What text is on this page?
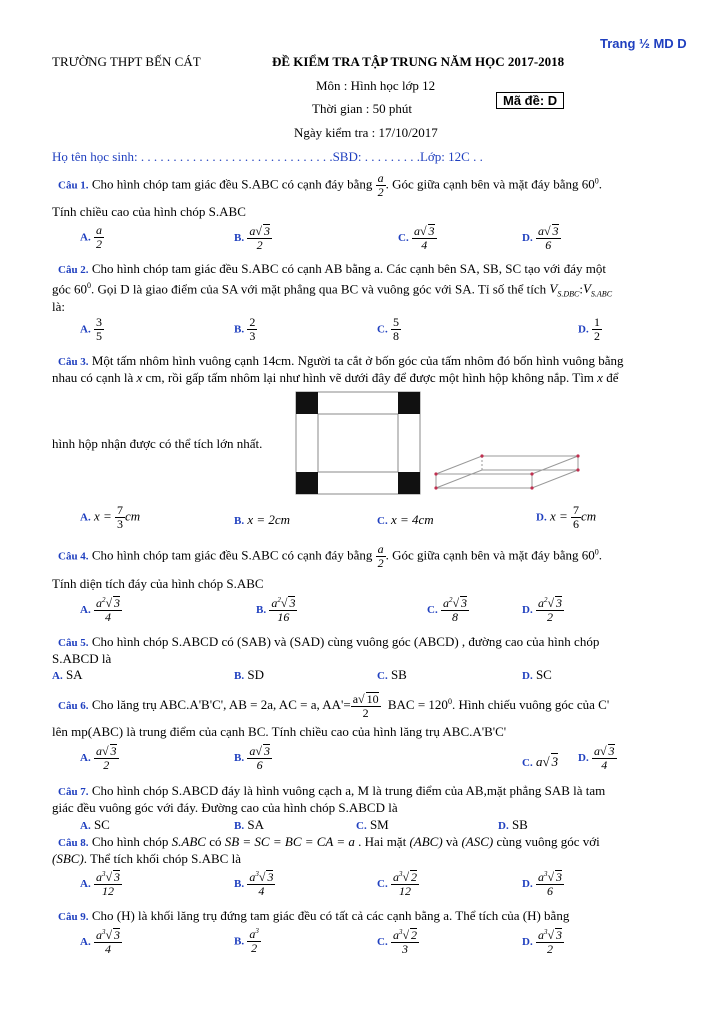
Trang ½ MD D
TRƯỜNG THPT BẾN CÁT	ĐỀ KIỂM TRA TẬP TRUNG NĂM HỌC 2017-2018
Môn : Hình học lớp 12
Thời gian : 50 phút
Mã đề: D
Ngày kiểm tra : 17/10/2017
Họ tên học sinh: . . . . . . . . . . . . . . . . . . . . . . . . . . . . . .SBD: . . . . . . . . .Lớp: 12C . .
Câu 1. Cho hình chóp tam giác đều S.ABC có cạnh đáy bằng $\frac{a}{2}$ . Góc giữa cạnh bên và mặt đáy bằng $60^0$.
Tính chiều cao của hình chóp S.ABC
A. $\frac{a}{2}$	B. $\frac{a√ 3}{2}$	C. $\frac{a√ 3}{4}$	D. $\frac{a√ 3}{6}$
Câu 2. Cho hình chóp tam giác đều S.ABC có cạnh AB bằng a. Các cạnh bên SA, SB, SC tạo với đáy một
góc $60^0$. Gọi D là giao điểm của SA với mặt phẳng qua BC và vuông góc với SA. Tỉ số thể tích $V_{S.DBC}:V_{S.ABC}$
là:
A. $\frac{3}{5}$	B. $\frac{2}{3}$	C. $\frac{5}{8}$	D. $\frac{1}{2}$
Câu 3. Một tấm nhôm hình vuông cạnh 14cm. Người ta cắt ở bốn góc của tấm nhôm đó bốn hình vuông bằng
nhau có cạnh là x cm, rồi gấp tấm nhôm lại như hình vẽ dưới đây để được một hình hộp không nắp. Tìm x để
hình hộp nhận được có thể tích lớn nhất.
A. $x = \frac{7}{3}$ cm	B. x = 2cm	C. x = 4cm	D. $x = \frac{7}{6}$ cm
Câu 4. Cho hình chóp tam giác đều S.ABC có cạnh đáy bằng $\frac{a}{2}$ . Góc giữa cạnh bên và mặt đáy bằng $60^0$.
Tính diện tích đáy của hình chóp S.ABC
A. $\frac{a^2√ 3}{4}$	B. $\frac{a^2√ 3}{16}$	C. $\frac{a^2√ 3}{8}$	D. $\frac{a^2√ 3}{2}$
Câu 5. Cho hình chóp S.ABCD có (SAB) và (SAD) cùng vuông góc (ABCD) , đường cao của hình chóp
S.ABCD là
A. SA	B. SD	C. SB	D. SC
Câu 6. Cho lăng trụ ABC.A'B'C', AB = 2a, AC = a, $AA'= \frac{a√ 10}{2}$ BAC = $120^0$. Hình chiếu vuông góc của C'
lên mp(ABC) là trung điểm của cạnh BC. Tính chiều cao của hình lăng trụ ABC.A'B'C'
A. $\frac{a√ 3}{2}$	B. $\frac{a√ 3}{6}$	C. a√ 3 D. $\frac{a√ 3}{4}$
Câu 7. Cho hình chóp S.ABCD đáy là hình vuông cạch a, M là trung điểm của AB,mặt phẳng SAB là tam
giác đều vuông góc với đáy. Đường cao của hình chóp S.ABCD là
A. SC	B. SA	C. SM	D. SB
Câu 8. Cho hình chóp S.ABC có SB = SC = BC = CA = a . Hai mặt (ABC) và (ASC) cùng vuông góc với
(SBC). Thể tích khối chóp S.ABC là
A. $\frac{a^3√ 3}{12}$	B. $\frac{a^3√ 3}{4}$	C. $\frac{a^3√ 2}{12}$	D. $\frac{a^3√ 3}{6}$
Câu 9. Cho (H) là khối lăng trụ đứng tam giác đều có tất cả các cạnh bằng a. Thể tích của (H) bằng
A. $\frac{a^3√ 3}{4}$	B. $\frac{a^3}{2}$	C. $\frac{a^3√ 2}{3}$	D. $\frac{a^3√ 3}{2}$
